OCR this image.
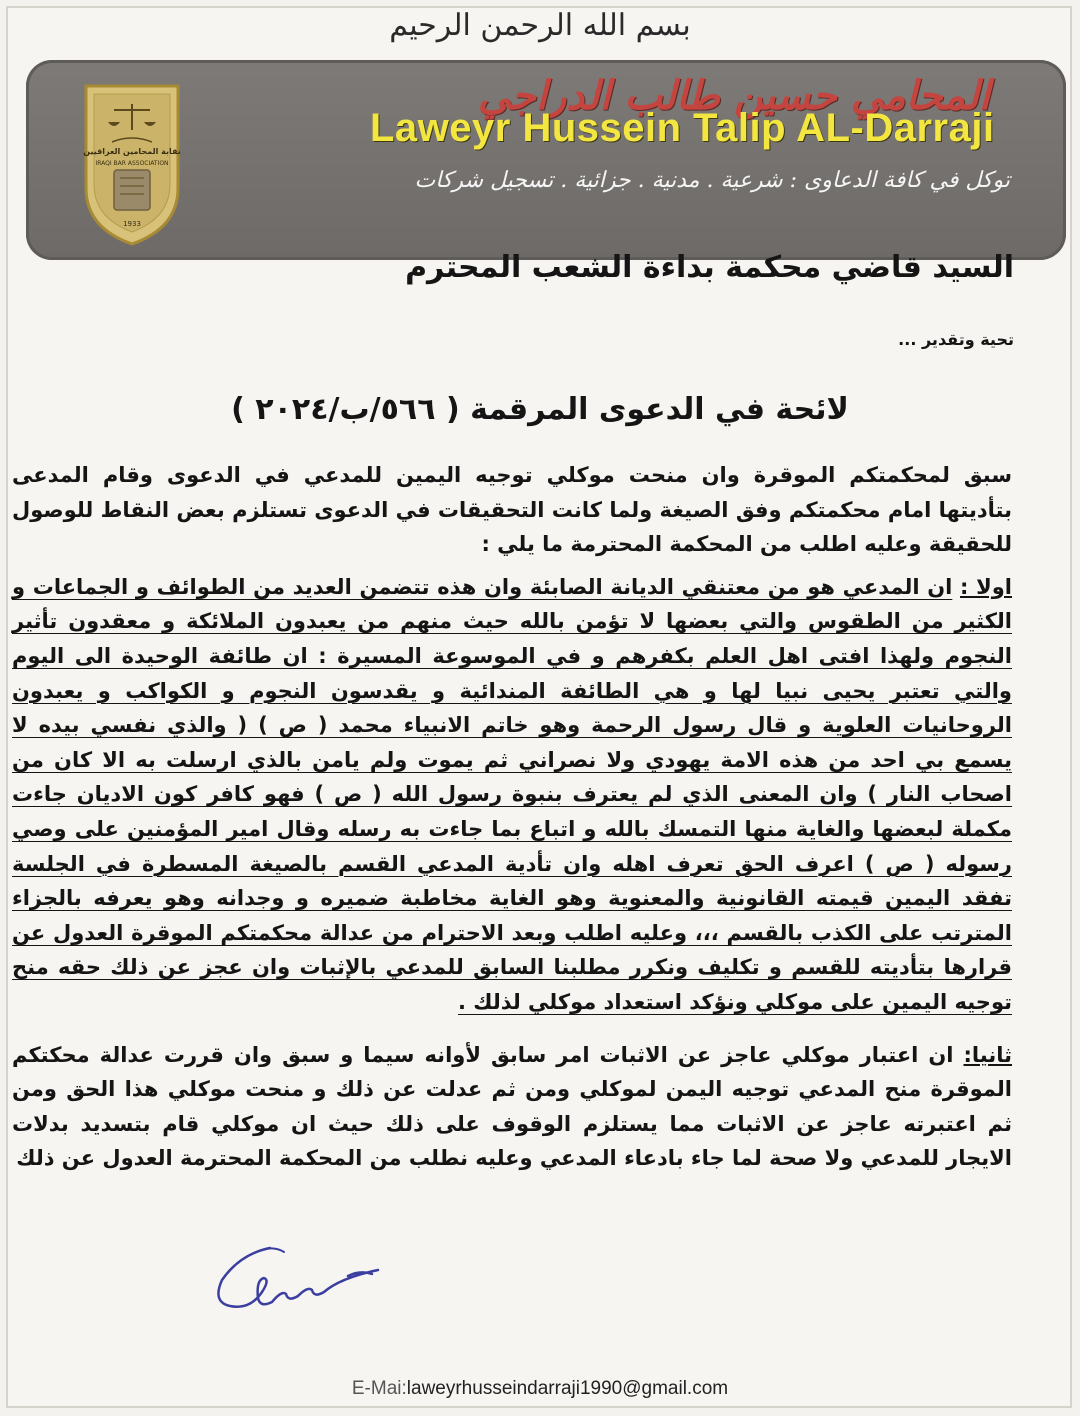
بسم الله الرحمن الرحيم
نقابة المحامين العراقيين
IRAQI BAR ASSOCIATION
1933
المحامي حسين طالب الدراجي
Laweyr Hussein Talip AL-Darraji
توكل في كافة الدعاوى : شرعية . مدنية . جزائية . تسجيل شركات
السيد قاضي محكمة بداءة الشعب المحترم
تحية وتقدير ...
لائحة في الدعوى المرقمة ( ٥٦٦/ب/٢٠٢٤ )

سبق لمحكمتكم الموقرة وان منحت موكلي توجيه اليمين للمدعي في الدعوى وقام المدعى بتأديتها امام محكمتكم وفق الصيغة ولما كانت التحقيقات في الدعوى تستلزم بعض النقاط للوصول للحقيقة وعليه اطلب من المحكمة المحترمة ما يلي :

اولا : ان المدعي هو من معتنقي الديانة الصابئة وان هذه تتضمن العديد من الطوائف و الجماعات و الكثير من الطقوس والتي بعضها لا تؤمن بالله حيث منهم من يعبدون الملائكة و معقدون تأثير النجوم ولهذا افتى اهل العلم بكفرهم و في الموسوعة المسيرة : ان طائفة الوحيدة الى اليوم والتي تعتبر يحيى نبيا لها و هي الطائفة المندائية و يقدسون النجوم و الكواكب و يعبدون الروحانيات العلوية و قال رسول الرحمة وهو خاتم الانبياء محمد ( ص ) ( والذي نفسي بيده لا يسمع بي احد من هذه الامة يهودي ولا نصراني ثم يموت ولم يامن بالذي ارسلت به الا كان من اصحاب النار ) وان المعنى الذي لم يعترف بنبوة رسول الله ( ص ) فهو كافر كون الاديان جاءت مكملة لبعضها والغاية منها التمسك بالله و اتباع بما جاءت به رسله وقال امير المؤمنين على وصي رسوله ( ص ) اعرف الحق تعرف اهله وان تأدية المدعي القسم بالصيغة المسطرة في الجلسة تفقد اليمين قيمته القانونية والمعنوية وهو الغاية مخاطبة ضميره و وجدانه وهو يعرفه بالجزاء المترتب على الكذب بالقسم ،،، وعليه اطلب وبعد الاحترام من عدالة محكمتكم الموقرة العدول عن قرارها بتأديته للقسم و تكليف ونكرر مطلبنا السابق للمدعي بالإثبات وان عجز عن ذلك حقه منح توجيه اليمين على موكلي ونؤكد استعداد موكلي لذلك .

ثانيا: ان اعتبار موكلي عاجز عن الاثبات امر سابق لأوانه سيما و سبق وان قررت عدالة محكتكم الموقرة منح المدعي توجيه اليمن لموكلي ومن ثم عدلت عن ذلك و منحت موكلي هذا الحق ومن ثم اعتبرته عاجز عن الاثبات مما يستلزم الوقوف على ذلك حيث ان موكلي قام بتسديد بدلات الايجار للمدعي ولا صحة لما جاء بادعاء المدعي وعليه نطلب من المحكمة المحترمة العدول عن ذلك

E-Mai:laweyrhusseindarraji1990@gmail.com
